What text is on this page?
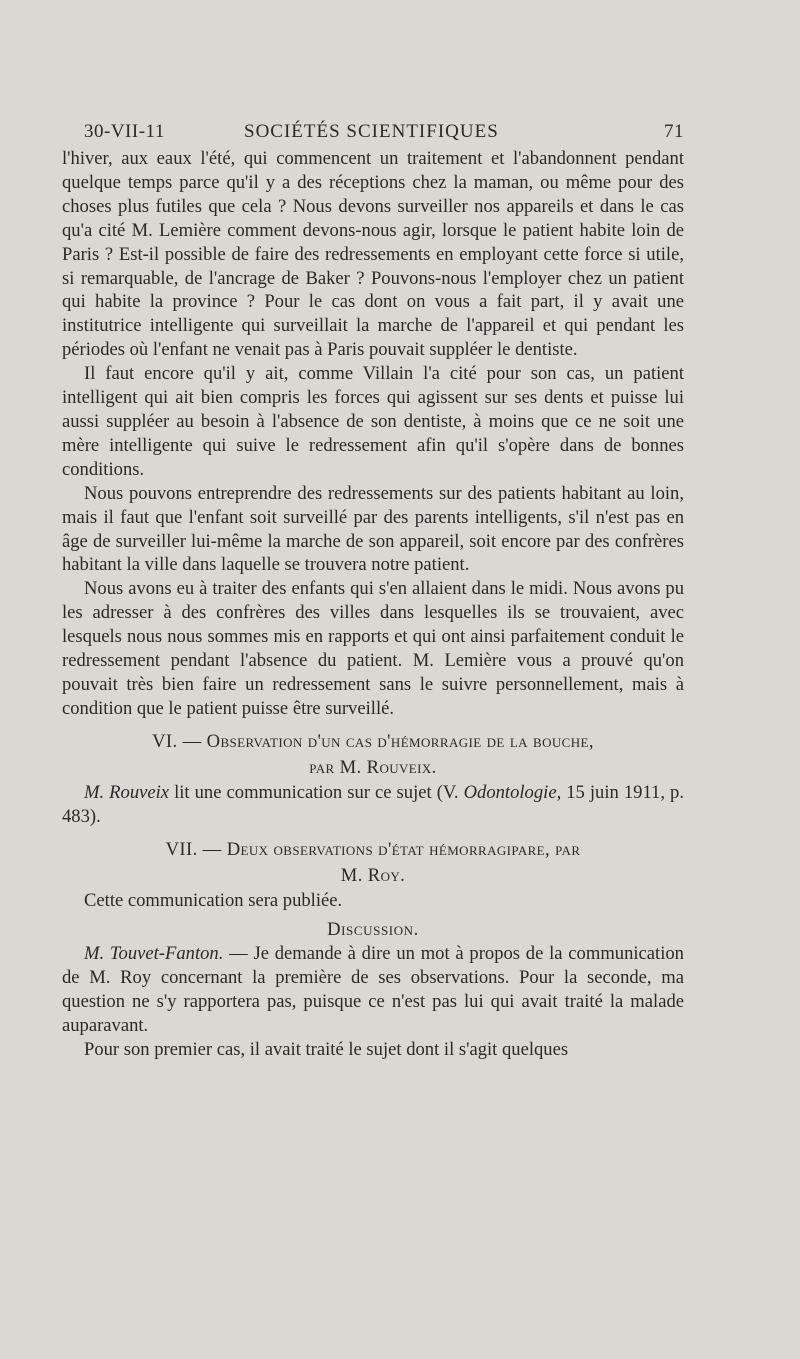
30-VII-11	SOCIÉTÉS SCIENTIFIQUES	71

l'hiver, aux eaux l'été, qui commencent un traitement et l'abandonnent pendant quelque temps parce qu'il y a des réceptions chez la maman, ou même pour des choses plus futiles que cela ? Nous devons surveiller nos appareils et dans le cas qu'a cité M. Lemière comment devons-nous agir, lorsque le patient habite loin de Paris ? Est-il possible de faire des redressements en employant cette force si utile, si remarquable, de l'ancrage de Baker ? Pouvons-nous l'employer chez un patient qui habite la province ? Pour le cas dont on vous a fait part, il y avait une institutrice intelligente qui surveillait la marche de l'appareil et qui pendant les périodes où l'enfant ne venait pas à Paris pouvait suppléer le dentiste.

Il faut encore qu'il y ait, comme Villain l'a cité pour son cas, un patient intelligent qui ait bien compris les forces qui agissent sur ses dents et puisse lui aussi suppléer au besoin à l'absence de son dentiste, à moins que ce ne soit une mère intelligente qui suive le redressement afin qu'il s'opère dans de bonnes conditions.

Nous pouvons entreprendre des redressements sur des patients habitant au loin, mais il faut que l'enfant soit surveillé par des parents intelligents, s'il n'est pas en âge de surveiller lui-même la marche de son appareil, soit encore par des confrères habitant la ville dans laquelle se trouvera notre patient.

Nous avons eu à traiter des enfants qui s'en allaient dans le midi. Nous avons pu les adresser à des confrères des villes dans lesquelles ils se trouvaient, avec lesquels nous nous sommes mis en rapports et qui ont ainsi parfaitement conduit le redressement pendant l'absence du patient. M. Lemière vous a prouvé qu'on pouvait très bien faire un redressement sans le suivre personnellement, mais à condition que le patient puisse être surveillé.

VI. — Observation d'un cas d'hémorragie de la bouche,
par M. Rouveix.

M. Rouveix lit une communication sur ce sujet (V. Odontologie, 15 juin 1911, p. 483).

VII. — Deux observations d'état hémorragipare, par
M. Roy.

Cette communication sera publiée.

Discussion.

M. Touvet-Fanton. — Je demande à dire un mot à propos de la communication de M. Roy concernant la première de ses observations. Pour la seconde, ma question ne s'y rapportera pas, puisque ce n'est pas lui qui avait traité la malade auparavant.

Pour son premier cas, il avait traité le sujet dont il s'agit quelques
